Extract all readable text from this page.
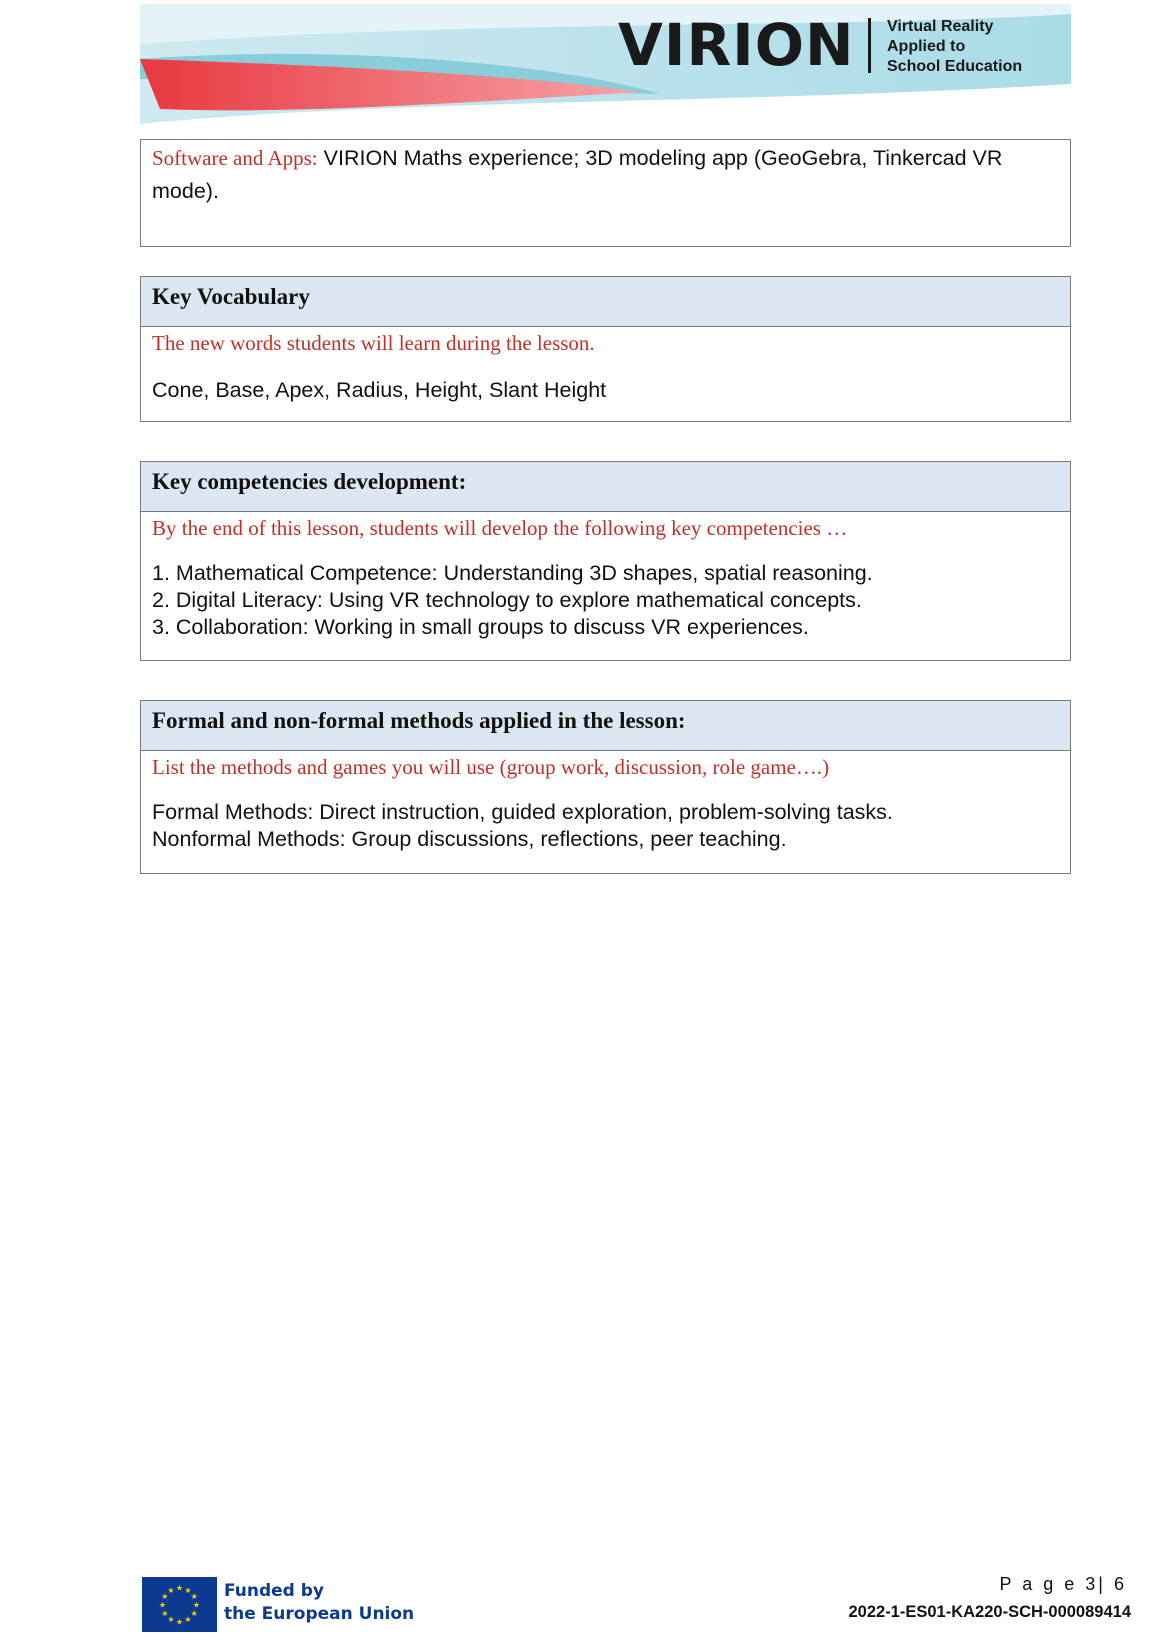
VIRION Virtual Reality
Applied to
School Education
Software and Apps: VIRION Maths experience; 3D modeling app (GeoGebra, Tinkercad VR mode).
Key Vocabulary
The new words students will learn during the lesson.
Cone, Base, Apex, Radius, Height, Slant Height
Key competencies development:
By the end of this lesson, students will develop the following key competencies …
1. Mathematical Competence: Understanding 3D shapes, spatial reasoning.
2. Digital Literacy: Using VR technology to explore mathematical concepts.
3. Collaboration: Working in small groups to discuss VR experiences.
Formal and non-formal methods applied in the lesson:
List the methods and games you will use (group work, discussion, role game….)
Formal Methods: Direct instruction, guided exploration, problem-solving tasks.
Nonformal Methods: Group discussions, reflections, peer teaching.
★ ★
★
★
★
★
★
★
★
★
★
★	Funded by
the European Union
P a g e 3| 6
2022-1-ES01-KA220-SCH-000089414
